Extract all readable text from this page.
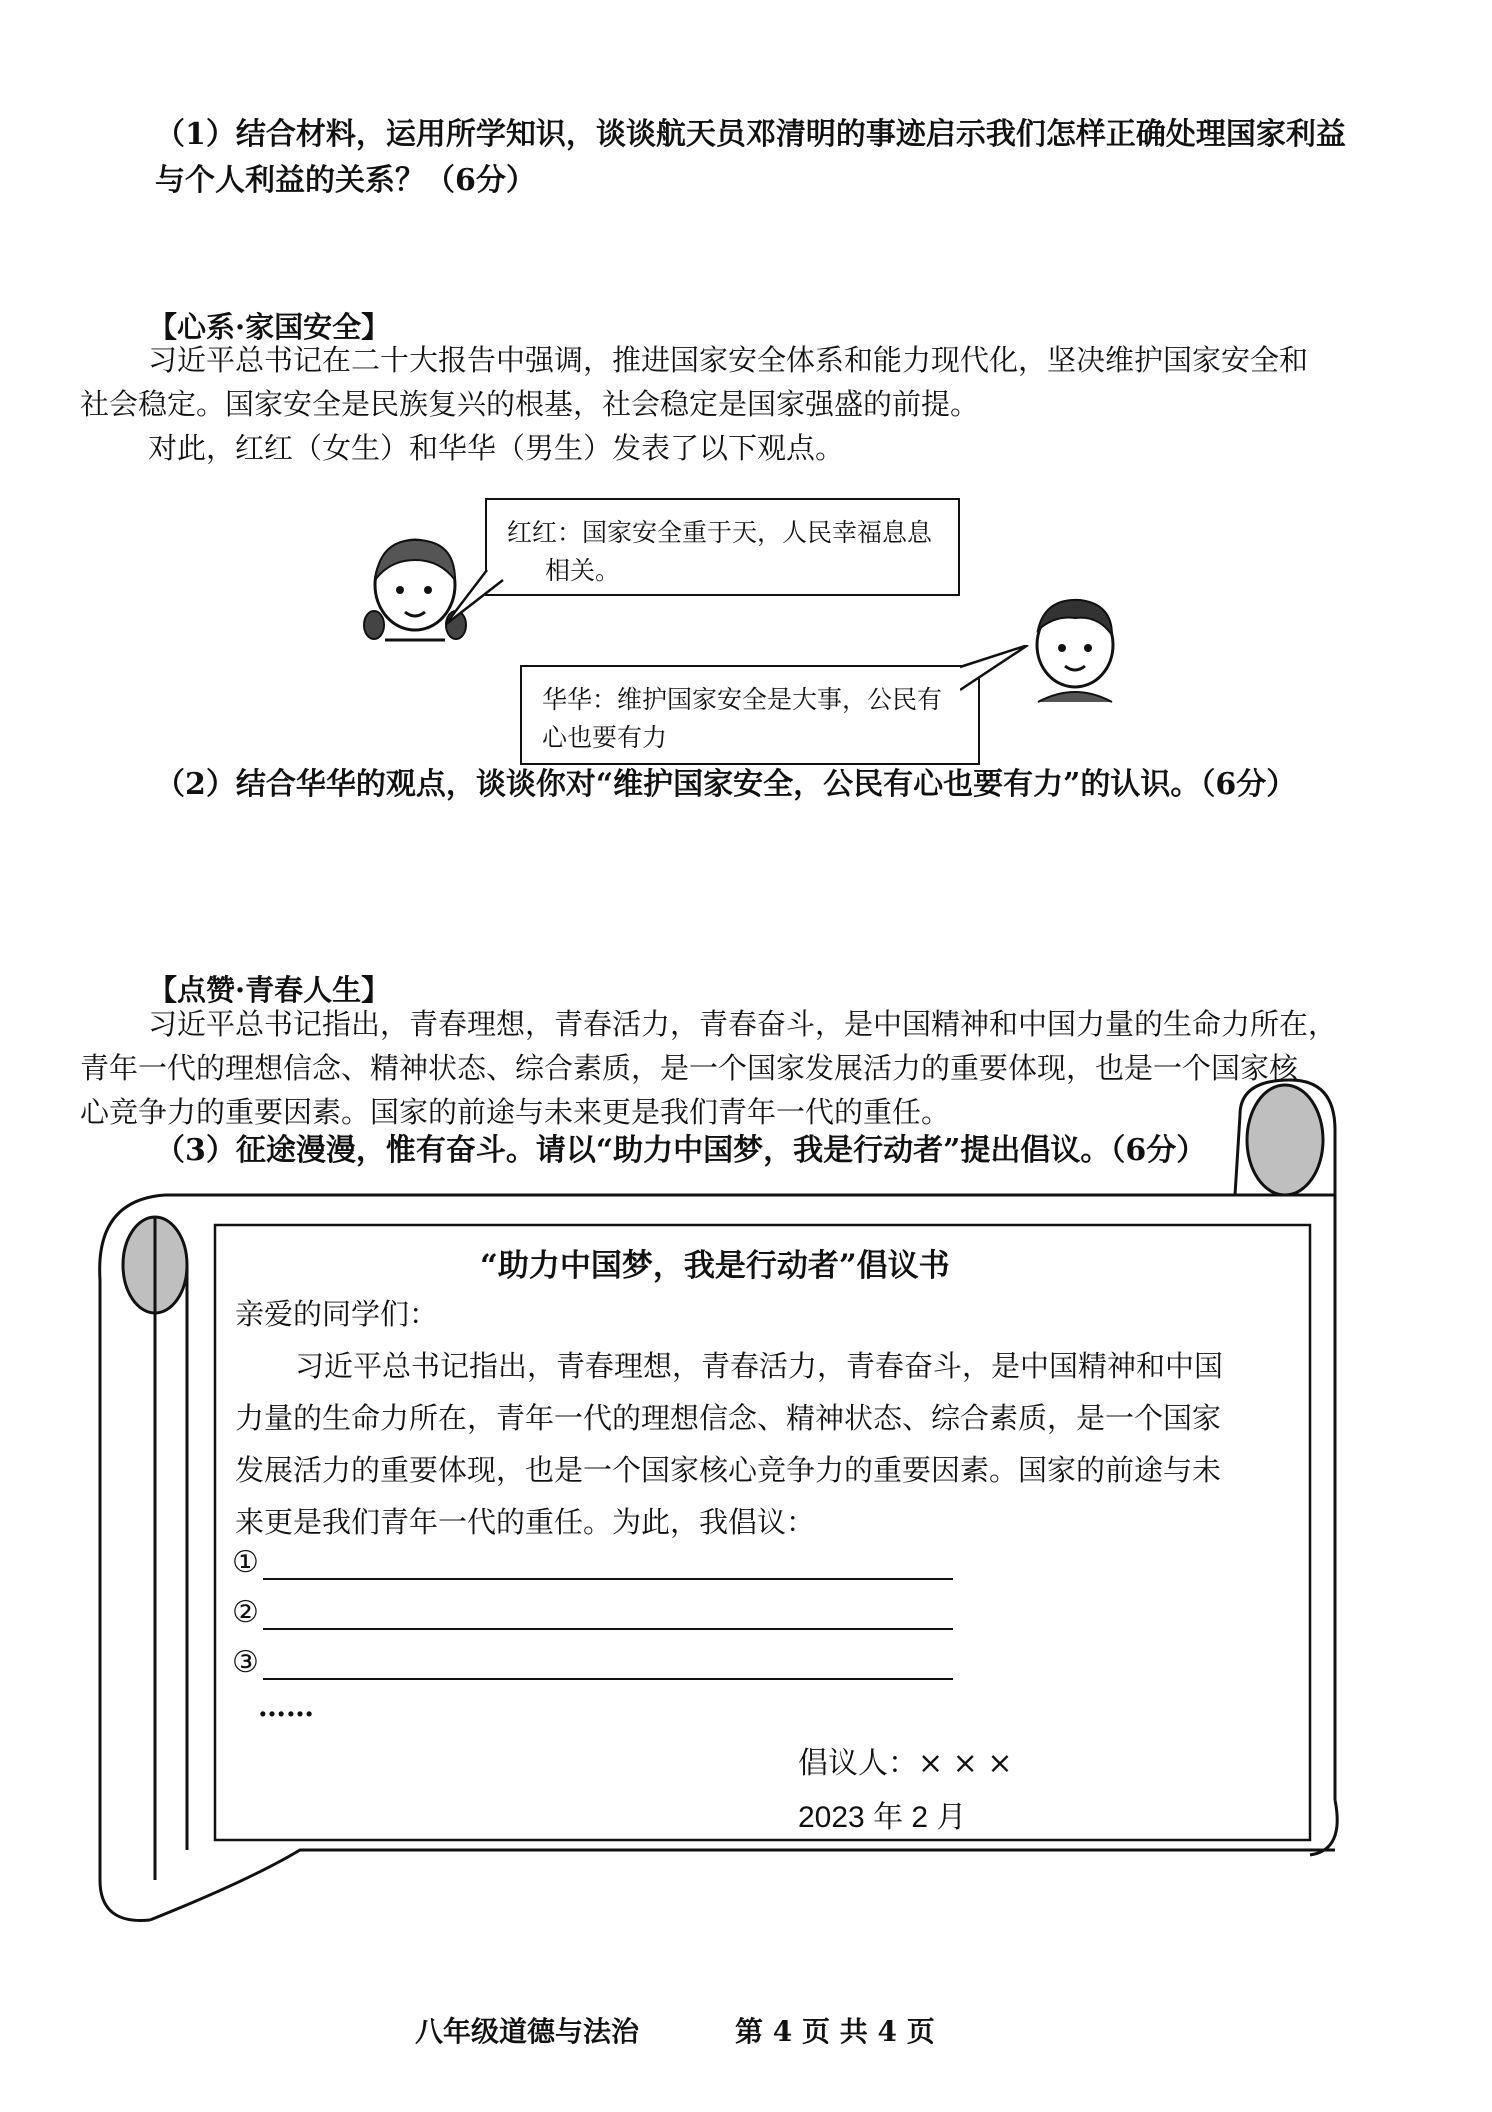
（1）结合材料，运用所学知识，谈谈航天员邓清明的事迹启示我们怎样正确处理国家利益
与个人利益的关系？（6分）
【心系·家国安全】
习近平总书记在二十大报告中强调，推进国家安全体系和能力现代化，坚决维护国家安全和
社会稳定。国家安全是民族复兴的根基，社会稳定是国家强盛的前提。
对此，红红（女生）和华华（男生）发表了以下观点。
红红：国家安全重于天，人民幸福息息
相关。
华华：维护国家安全是大事，公民有
心也要有力
（2）结合华华的观点，谈谈你对“维护国家安全，公民有心也要有力”的认识。（6分）
【点赞·青春人生】
习近平总书记指出，青春理想，青春活力，青春奋斗，是中国精神和中国力量的生命力所在，
青年一代的理想信念、精神状态、综合素质，是一个国家发展活力的重要体现，也是一个国家核
心竞争力的重要因素。国家的前途与未来更是我们青年一代的重任。
（3）征途漫漫，惟有奋斗。请以“助力中国梦，我是行动者”提出倡议。（6分）
“助力中国梦，我是行动者”倡议书
亲爱的同学们：
习近平总书记指出，青春理想，青春活力，青春奋斗，是中国精神和中国
力量的生命力所在，青年一代的理想信念、精神状态、综合素质，是一个国家
发展活力的重要体现，也是一个国家核心竞争力的重要因素。国家的前途与未
来更是我们青年一代的重任。为此，我倡议：
①
②
③
……
倡议人：× × ×
2023 年 2 月
八年级道德与法治	第 4 页 共 4 页
